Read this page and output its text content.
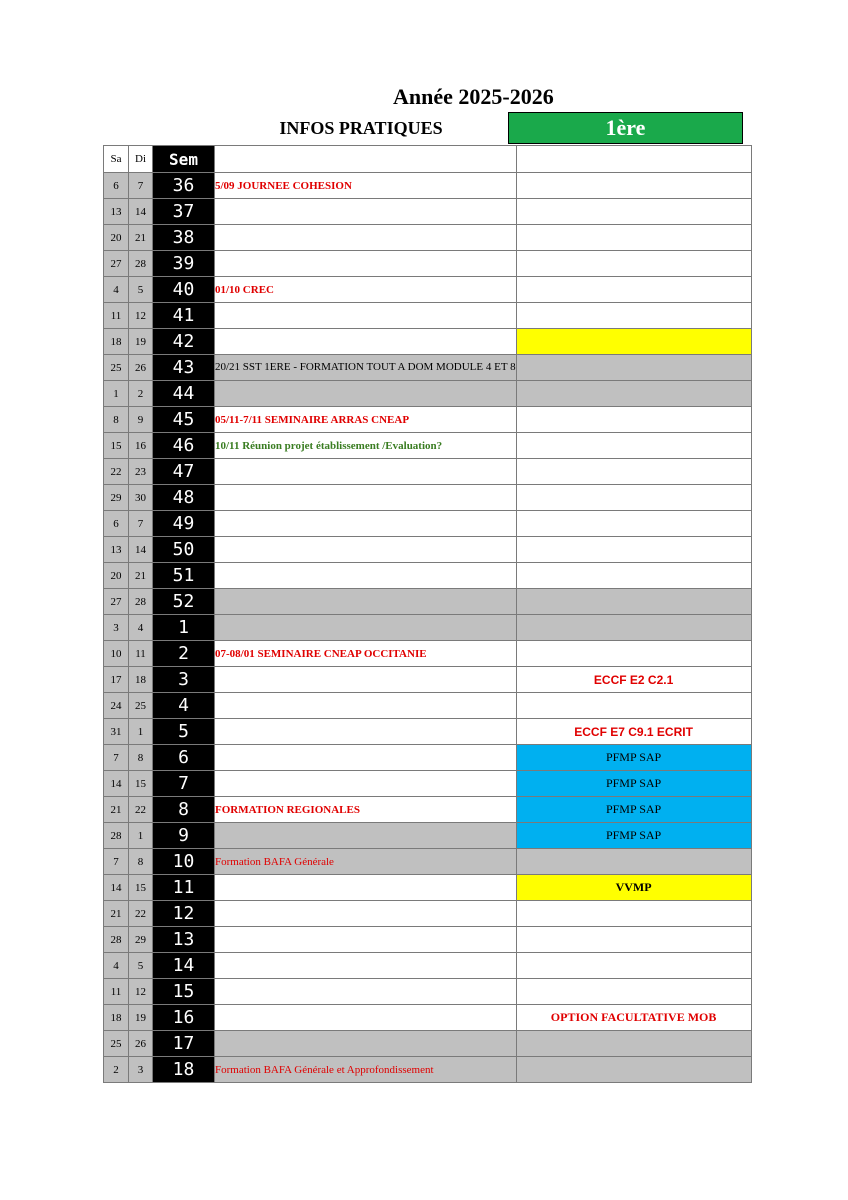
Année 2025-2026
INFOS PRATIQUES	1ère
Sa	Di	Sem		
6	7	36	5/09 JOURNEE COHESION	
13	14	37		
20	21	38		
27	28	39		
4	5	40	01/10 CREC	
11	12	41		
18	19	42		
25	26	43	20/21 SST 1ERE - FORMATION TOUT A DOM MODULE 4 ET 8	
1	2	44		
8	9	45	05/11-7/11 SEMINAIRE ARRAS CNEAP	
15	16	46	10/11 Réunion projet établissement /Evaluation?	
22	23	47		
29	30	48		
6	7	49		
13	14	50		
20	21	51		
27	28	52		
3	4	1		
10	11	2	07-08/01 SEMINAIRE CNEAP OCCITANIE	
17	18	3		ECCF E2 C2.1
24	25	4		
31	1	5		ECCF E7 C9.1 ECRIT
7	8	6		PFMP SAP
14	15	7		PFMP SAP
21	22	8	FORMATION REGIONALES	PFMP SAP
28	1	9		PFMP SAP
7	8	10	Formation BAFA Générale	
14	15	11		VVMP
21	22	12		
28	29	13		
4	5	14		
11	12	15		
18	19	16		OPTION FACULTATIVE MOB
25	26	17		
2	3	18	Formation BAFA Générale et Approfondissement	
